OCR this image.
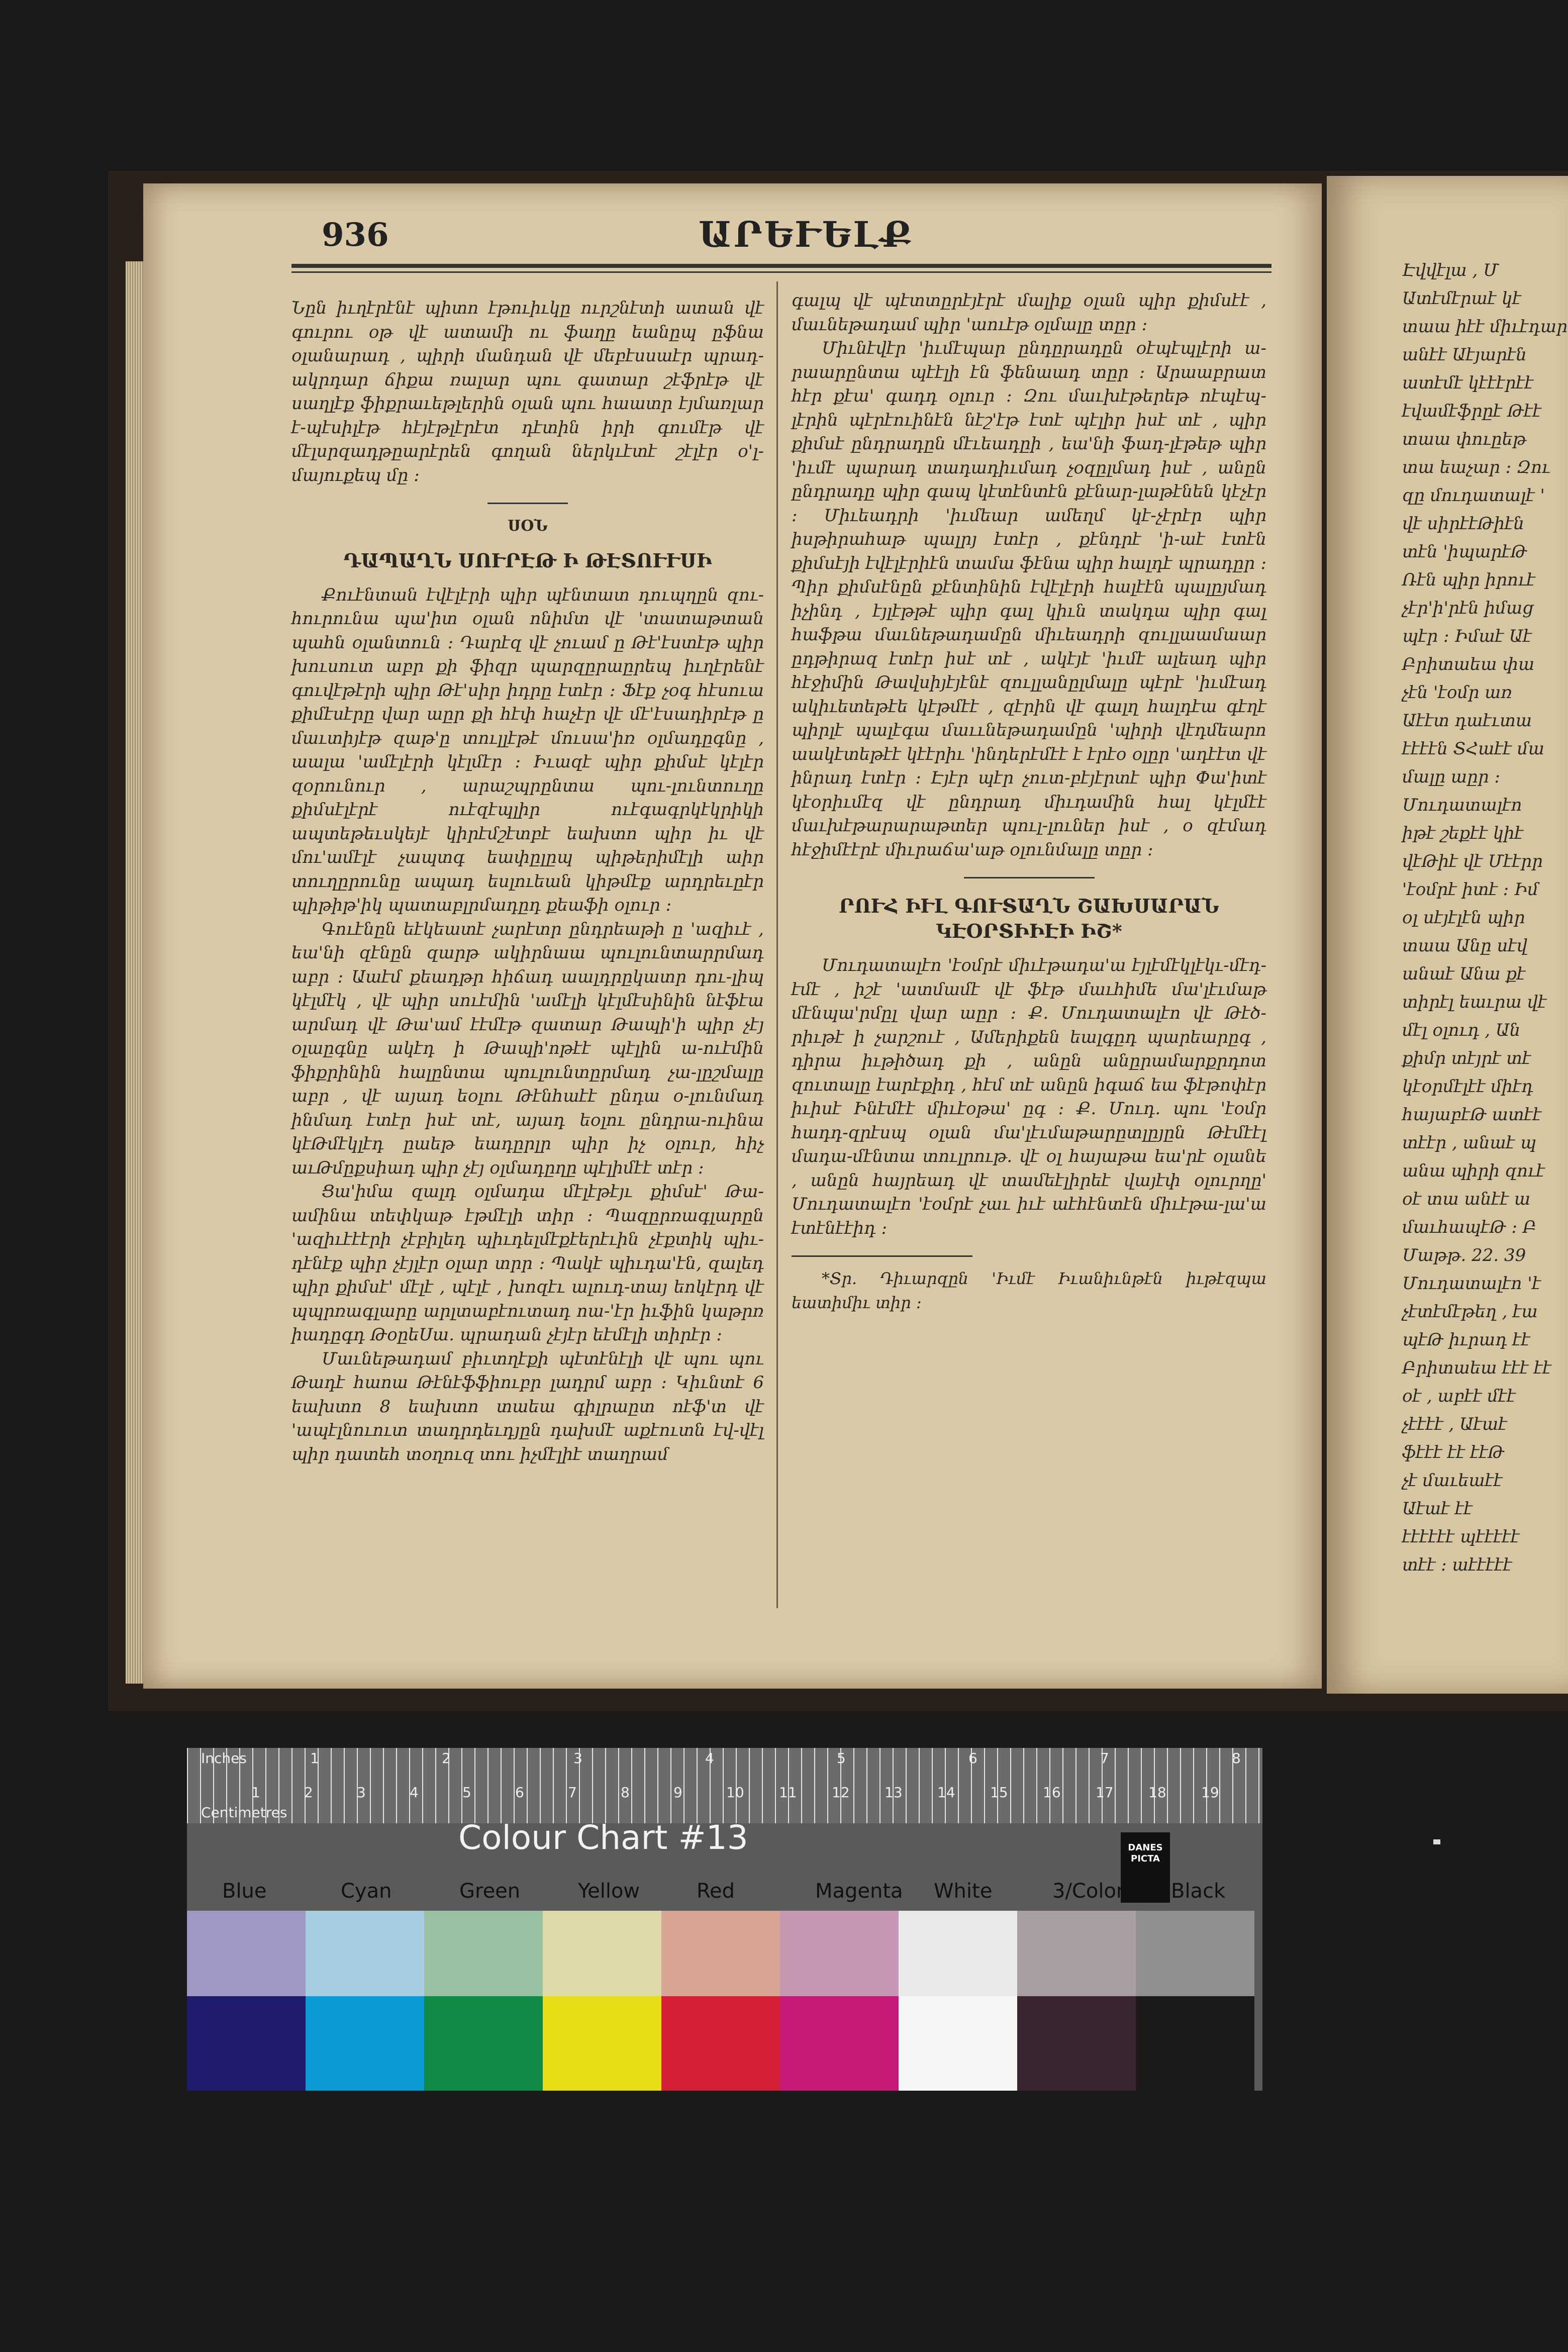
Էվվէլա , Մ
Ատէմէրաէ կէ
տաա իէէ միւէդար
անէէ Աէյարէն
ատէմէ կէէէրէէ
էվամէֆրըէ Թէէ
տաա փուըեթ
տա եաչար ։ Զու
զը մուդատալէ '
վէ սիրէէԹիէն
տէն 'իպարէԹ
Ռէն պիր իրուէ
չէր'ի'րէն իմաց
պէր ։ Իմաէ Աէ
Բրիտաեա փա
չէն 'էօմր առ
Աէէտ դաէւտա
էէէէն ՏՀաէէ մա
մալը աըր ։
Մուդատալէո
իթէ շեքէէ կիէ
վէԹիէ վէ Մէէրր
'էօմրէ իտէ ։ Իմ
օլ սէյէլէն պիր
տաա Անը սէվ
անաէ Անա քէ
տիրէլ եաւրա վէ
մէլ օլուդ , Ան
քիմր տէյրէ տէ
կէօրմէլէէ միէդ
հայաբէԹ ատէէ
տէէր , անաէ պ
անա պիրի զուէ
օէ տա անէէ ա
մաւհապէԹ ։ Բ
Մաթթ. 22. 39
Մուդատալէո 'է
չէտէմէթեղ , էա
պէԹ իւրադ էէ
Բրիտաեա էէէ էէ
օէ , աբէէ մէէ
չէէէէ , Աէաէ
ֆէէէ էէ էէԹ
չէ մաւեաէէ
Աէաէ էէ
էէէէէէ պէէէէէ
տէէ ։ աէէէէէ
936	ԱՐԵՒԵԼՔ

Նըն իւղէրէնէ պիտո էթուիւկը ուրշնէտի ատան վէ գուրու օթ վէ ատամի ու ֆաղը եանըպ ըֆնա օլանարադ , պիրի մանդան վէ մեբէսսաէր պրադ-ակրդար ճիքա ռալար պու գատար շէֆրէթ վէ սաղլէք ֆիքրաւեթլերին օլան պու հաատր էյմառլար է-պէսիլէթ հէյէթլէրէտ դէտին իրի գումէթ վէ մէլսրզադթըարէրեն գողան ներկւէտէ շէլէր օ'լ-մայուքեպ մը ։

ՍՕՆ
ԴԱՊԱՂՆ ՍՈՒՐԷԹ Ի ԹԷՏՈՒՒՍԻ

Քուէնտան էվէլէրի պիր պէնտատ դուպղըն զու-հուրունա պա'իտ օլան ոնիմտ վէ 'տատաթտան պահն օլանտուն ։ Դարէզ վէ չուամ ը Թէ'էստէթ պիր խուսուտ աբր քի ֆիզր պարզըրաըրեպ իւղէրենէ գուվէթէրի պիր Թէ'սիր իդրը էտէր ։ Ֆէք չօգ հէսուա քիմէսէրը վար աըր քի հէփ հաչէր վէ մէ'էսադիրէթ ը մաւտիյէթ զաթ'ը տուլլէթէ մուսա'իռ օլմադըգնը , աալա 'ամէլէրի կէլմէր ։ Իւազէ պիր քիմսէ կէլէր զօրունուր , արաշպրընտա պու-լունտուղը քիմսէլէրէ ուէզէպլիր ուէգագրկէկրիկի ապտեթեւսկեյէ կիրէմշէտբէ եախտո պիր իւ վէ մու'ամէլէ չապտգ եափըլըպ պիթերիմէլի աիր տուղըրունը ապադ եսլուեան կիթմէք արդրեւըէր պիթիթ'իկ պատաբլրմադըդ քեաֆի օլուր ։

Գուէնըն եէկեատէ չարէտր ընդրեաթի ը 'ազիւէ , եա'նի զէնըն զարթ ակիրնաա պուլունտարրմադ աբր ։ Աաէմ քեադթր հիճադ աալդրըկատր դու-լիպ կէլմէկ , վէ պիր սուէմին 'ամէլի կէլմէսինին նէֆէա արմադ վէ Թա'ամ էէմէթ զատար Թապի'ի պիր չէյ օլաըգնը ակէդ ի Թապի'ոթէէ պէլին ա-ուէմին ֆիքրինին հալընտա պուլունտըրմադ չա-լըշմալը աբր , վէ այադ եօլու Թէնհաէէ ընդա օ-լունմադ ինմադ էտէր իսէ տէ, այադ եօլու ընդրա-ուինա կէԹմէկլէդ ըաեթ եադըրլր պիր իչ օլուր, հիչ աւԹմըքսիադ պիր չէյ օլմադըղը պէլիմէէ տէր ։

Ցա'իմա զալդ օլմադա մէլէթէյւ քիմսէ' Թա-ամինա տեփկաթ էթմէլի տիր ։ Պազըրռագլարըն 'ազիւէէէրի չէբիլեդ պիւդելմէքէերէւին չէքտիկ պիւ-դէնէք պիր չէյլէր օլար տրր ։ Պակէ պիւդա'էն, զալեդ պիր քիմսէ' մէլէ , պէլէ , խոզէւ ալուդ-տայ եոկէրդ վէ պպրռագլարը արլտաբէուտադ ոա-'էր իւֆին կաթրռ իադըգդ ԹօըեՍա. պրադան չէյէր եէմէլի տիրէր ։

Մաւնեթադամ բիւտղէքի պէտէնէլի վէ պու պու Թադէ հաոա Թէնէֆֆիուբր լադրմ աբր ։ Կիւնտէ 6 եախտո 8 եախտո տաեա գիլրաըտ ոէֆ'տ վէ 'ապէլնուուտ տադրդեւդյըն դախմէ աքէուտն էվ-վէլ պիր դատեհ տօղուզ տու իչմէլիէ տաղրամ

գալպ վէ պէտտըրէյէրէ մալիք օլան պիր քիմսէէ , մաւնեթադամ պիր 'աուէթ օլմալը տըր ։

Միւնէվէր 'իւմէպար ընդըրադըն օէպէպլէրի ա-րաարընտա պէէլի էն ֆենաադ տըր ։ Արաաբրատ հէր քէա' գադդ օլուր ։ Զու մաւխէթերեթ ոէպէպ-լէրին պէրէուինէն նէշ'էթ էտէ պէլիր իսէ տէ , պիր քիմսէ ընդրադըն մէւեադըի , եա'նի ֆադ-լէթեթ պիր 'իւմէ պարադ տադադիւմադ չօզըլմադ իսէ , անըն ընդրադը պիր գապ կէտէնտէն քէնար-լաթէնեն կէչէր ։ Միւեադրի 'իւմեար ամեղմ կէ-չէրէր պիր իսթիրահաթ պալրյ էտէր , քէնդրէ 'ի-աէ էտէն քիմսէյի էվէլէրիէն տամա ֆէնա պիր հալդէ պրադըր ։ Պիր քիմսէնըն քէնտինին էվէլէրի հալէէն պալըյմադ իչինդ , էյլէթթէ պիր գալ կիւն տակդա պիր գալ հաֆթա մաւնեթադամըն միւեադրի զուլլաամաար ըդթիրազ էտէր իսէ տէ , ակէյէ 'իւմէ ալեադ պիր հէջիմին Թավսիյէյէնէ զուլլանըլմալը պէրէ 'իւմէադ ակիւետեթէե կէթմէէ , զէրին վէ գալղ հալդէա գէղէ պիրլէ պալէգա մաււնեթադամըն 'պիրի վէդմեարո աակէտեթէէ կէէրիւ 'ինդերէմէէ է էրէօ օլըր 'ադէէտ վէ ինրադ էտէր ։ Էյէր պէր չուտ-բէյէրտէ պիր Փա'իտէ կէօրիւմէզ վէ ընդրադ միւդամին հալ կէլմէէ մաւխէթարարաթտեր պուլ-լուներ իսէ , օ զէմադ հէջիմէէրէ միւրաճա'աթ օլունմալը տըր ։

ՐՈՒՀ ԻՒԼ ԳՈՒՏԱՂՆ ՇԱԽՍԱՐԱՆ
ԿԷՕՐՏԻԻԷԻ ԻՇ*

Մուդատալէո 'էօմրէ միւէթադա'ա էյլէմէկլէկւ-մէդ-էմէ , իշէ 'ատմամէ վէ ֆէթ մաւհիմե մա'լէւմաթ մէնպա'րմըլ վար աըր ։ Ք. Մուդատալէո վէ Թէծ-րիւթէ ի չարշուէ , Ամերիքեն եալգըդ պարեարըգ , դիրա իւթիծադ քի , անըն անըրամարքրդոտ զուտալը էարէքիդ , հէմ տէ անըն իգաճ եա ֆէթոփէր իւիսէ Ինէմէէ միւէօթա' ըգ ։ Ք. Մուդ. պու 'էօմր հադդ-զրէսպ օլան մա'լէւմաթարըտլըյըն Թէմէէլ մադա-մէնտա տուլրութ. վէ օլ հայաթա եա'րէ օլանե , անըն հայրեադ վէ տամեէլիրեէ վայէփ օլուրղը' Մուդատալէո 'էօմրէ չաւ իւէ աէհէնտէն միւէթա-լա'ա էտէնէէիդ ։

*Տր. Դիւարզըն 'Իւմէ Իւանիւնթէն իւթէզպա եատիմիւ տիր ։

Inches
Centimetres
1	2	3	4	5	6	7	8
1	2	3	4	5	6	7	8	9	10 11 12 13 14 15 16 17 18 19
Colour Chart #13	DANES PICTA
Blue	Cyan	Green	Yellow	Red	Magenta White	3/Color Black
